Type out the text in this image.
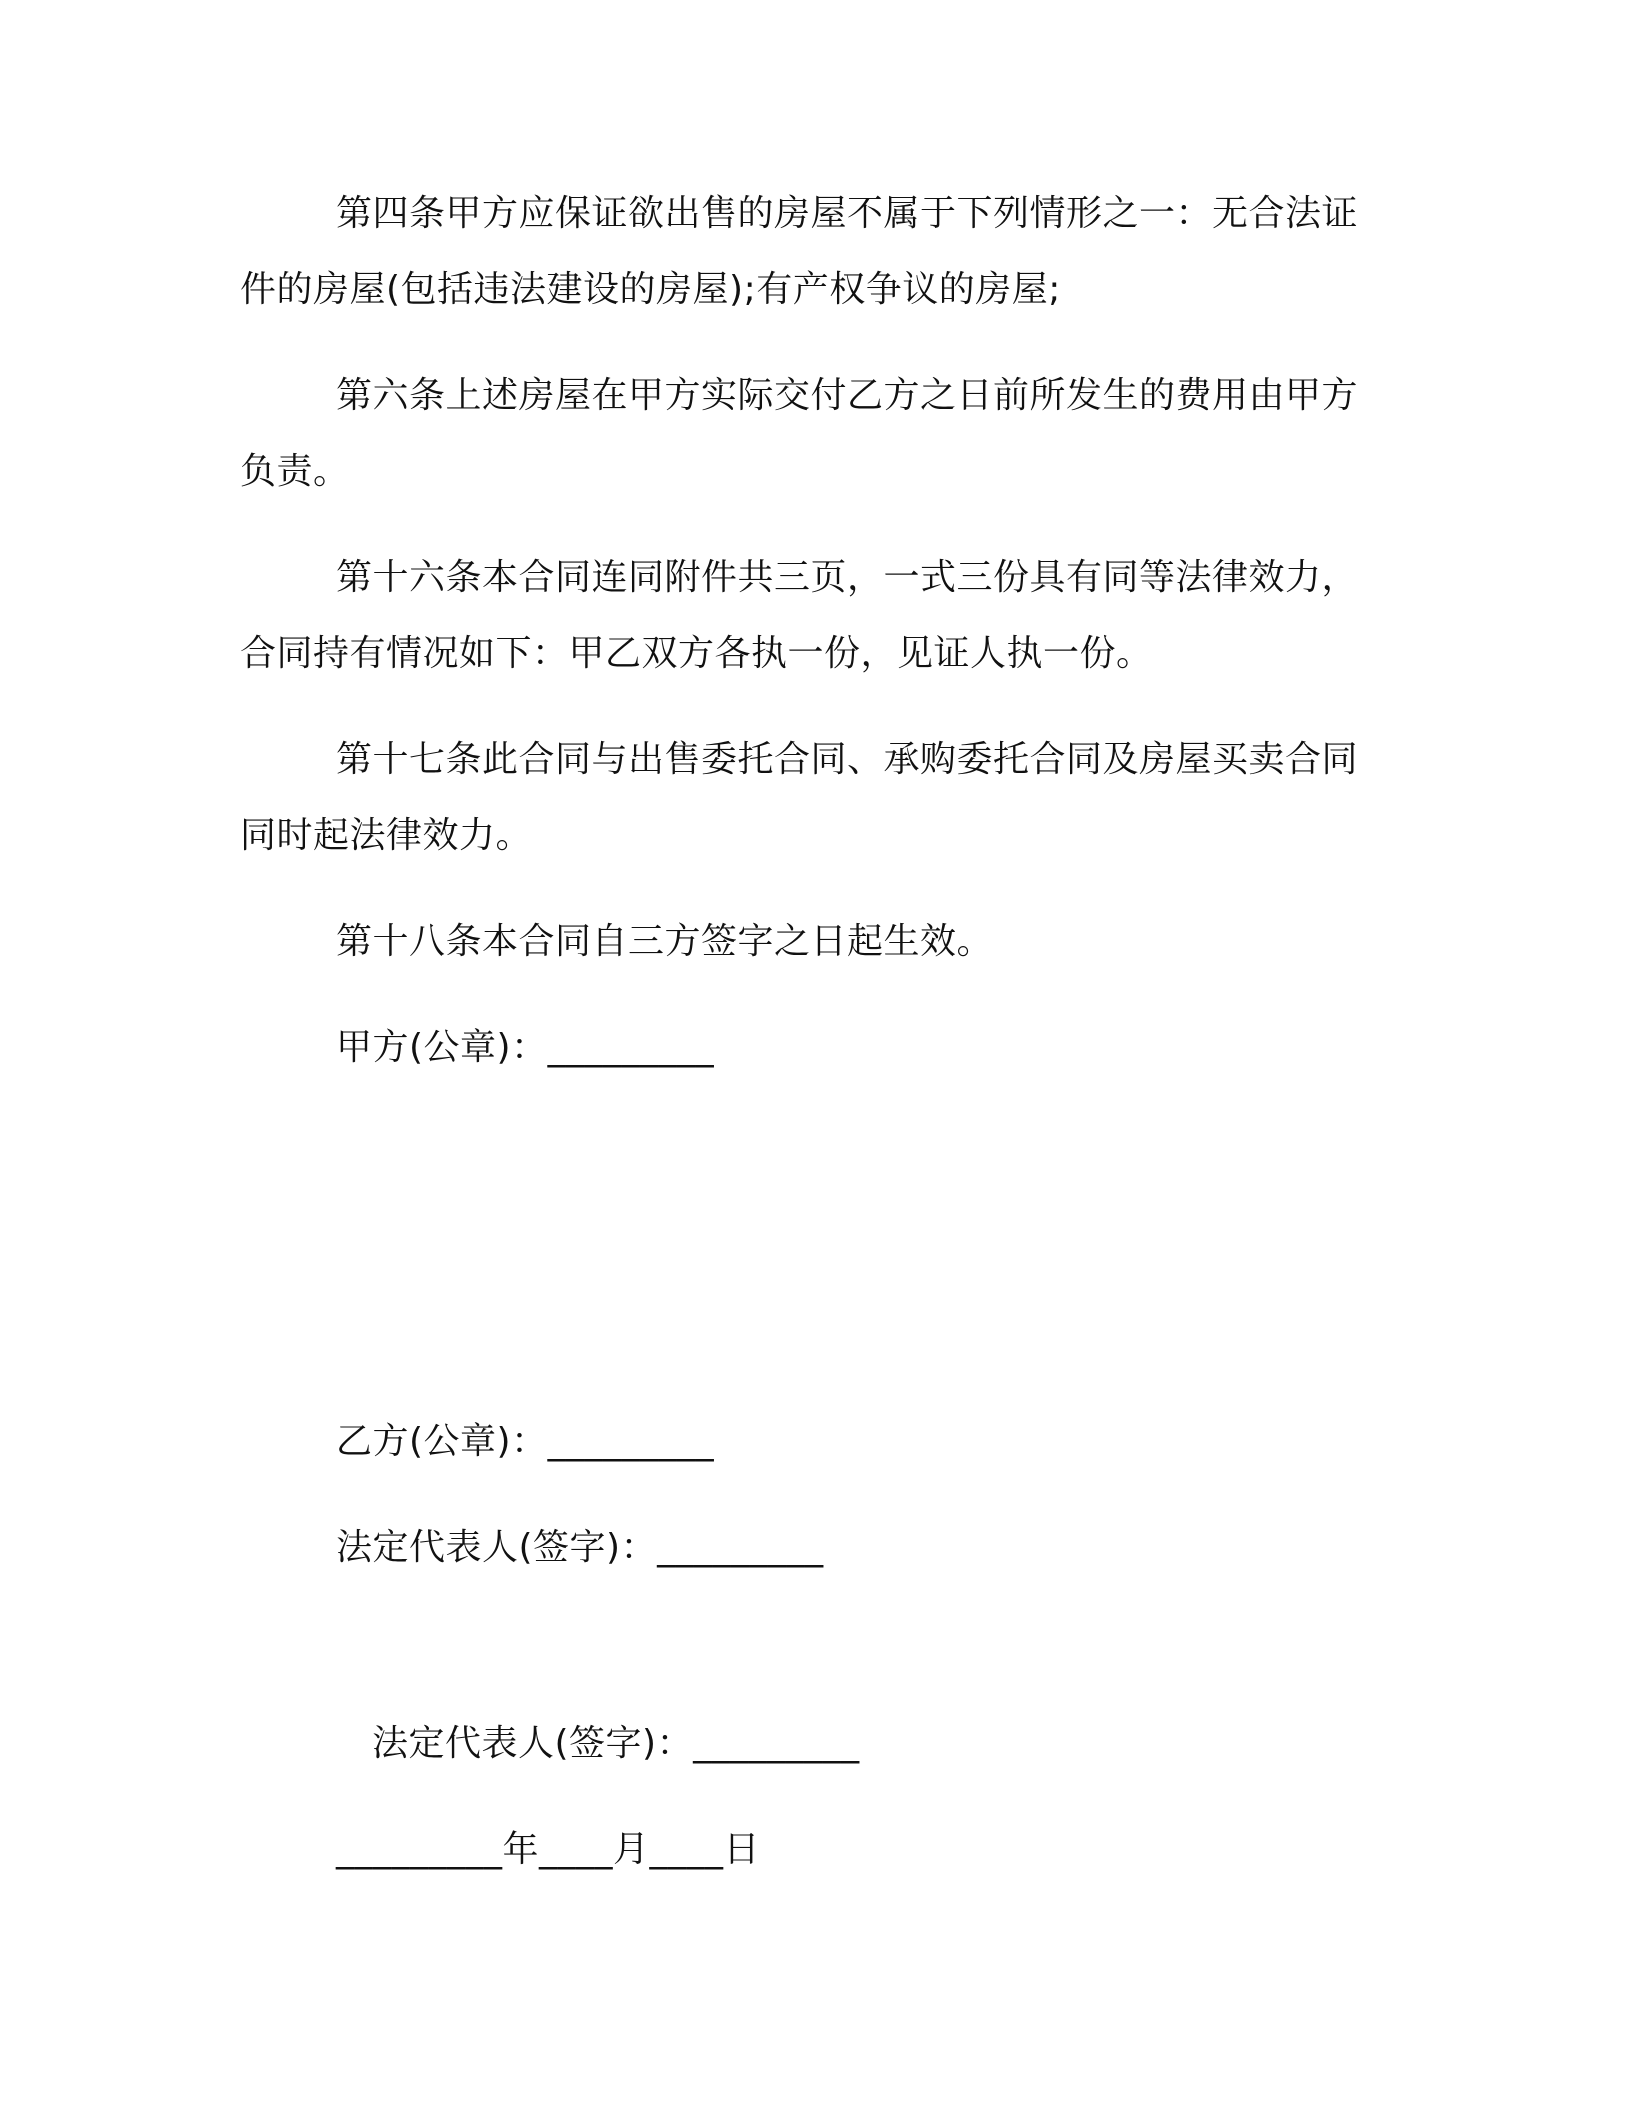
第四条甲方应保证欲出售的房屋不属于下列情形之一：无合法证件的房屋(包括违法建设的房屋);有产权争议的房屋;

第六条上述房屋在甲方实际交付乙方之日前所发生的费用由甲方负责。

第十六条本合同连同附件共三页，一式三份具有同等法律效力，合同持有情况如下：甲乙双方各执一份，见证人执一份。

第十七条此合同与出售委托合同、承购委托合同及房屋买卖合同同时起法律效力。

第十八条本合同自三方签字之日起生效。

甲方(公章)：_________

乙方(公章)：_________

法定代表人(签字)：_________

法定代表人(签字)：_________

_________年____月____日
